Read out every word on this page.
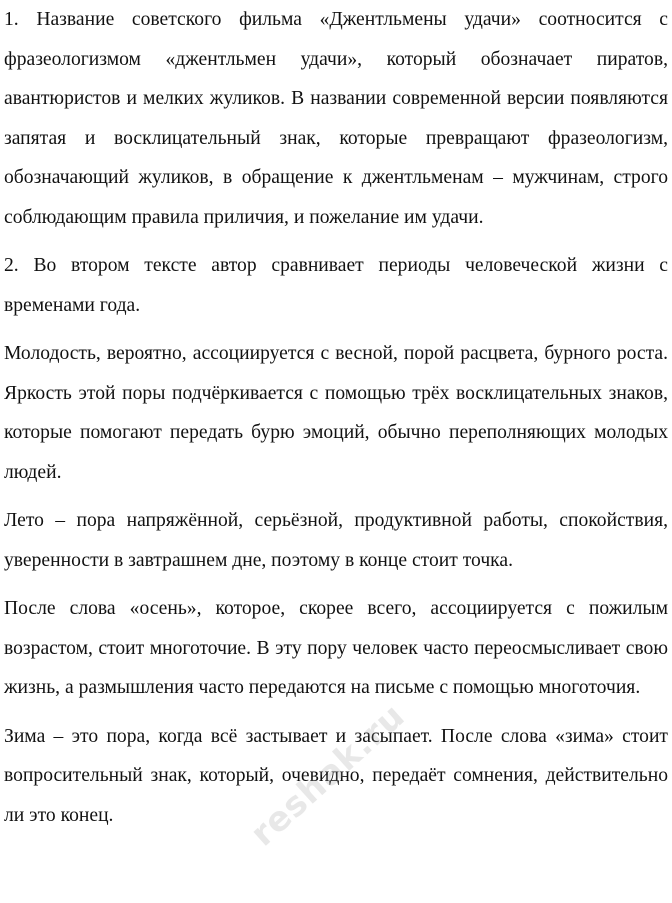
1. Название советского фильма «Джентльмены удачи» соотносится с фразеологизмом «джентльмен удачи», который обозначает пиратов, авантюристов и мелких жуликов. В названии современной версии появляются запятая и восклицательный знак, которые превращают фразеологизм, обозначающий жуликов, в обращение к джентльменам – мужчинам, строго соблюдающим правила приличия, и пожелание им удачи.

2. Во втором тексте автор сравнивает периоды человеческой жизни с временами года.

Молодость, вероятно, ассоциируется с весной, порой расцвета, бурного роста. Яркость этой поры подчёркивается с помощью трёх восклицательных знаков, которые помогают передать бурю эмоций, обычно переполняющих молодых людей.

Лето – пора напряжённой, серьёзной, продуктивной работы, спокойствия, уверенности в завтрашнем дне, поэтому в конце стоит точка.

После слова «осень», которое, скорее всего, ассоциируется с пожилым возрастом, стоит многоточие. В эту пору человек часто переосмысливает свою жизнь, а размышления часто передаются на письме с помощью многоточия.

Зима – это пора, когда всё застывает и засыпает. После слова «зима» стоит вопросительный знак, который, очевидно, передаёт сомнения, действительно ли это конец.	reshak.ru
